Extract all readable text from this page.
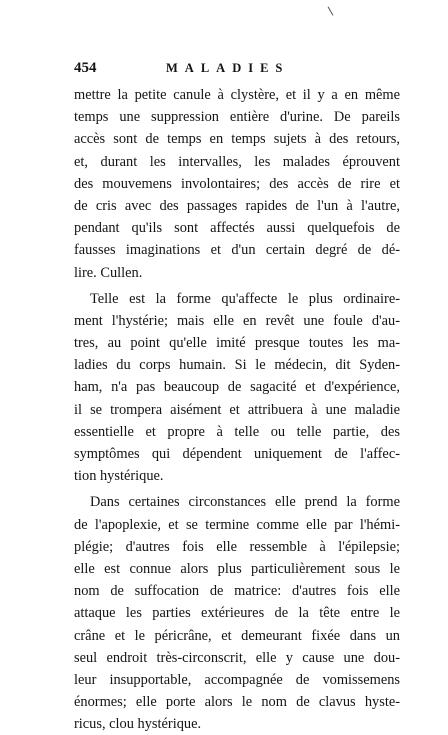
454	MALADIES
mettre la petite canule à clystère, et il y a en même
temps une suppression entière d'urine. De pareils
accès sont de temps en temps sujets à des retours,
et, durant les intervalles, les malades éprouvent
des mouvemens involontaires; des accès de rire et
de cris avec des passages rapides de l'un à l'autre,
pendant qu'ils sont affectés aussi quelquefois de
fausses imaginations et d'un certain degré de dé-
lire. Cullen.
Telle est la forme qu'affecte le plus ordinaire-
ment l'hystérie; mais elle en revêt une foule d'au-
tres, au point qu'elle imité presque toutes les ma-
ladies du corps humain. Si le médecin, dit Syden-
ham, n'a pas beaucoup de sagacité et d'expérience,
il se trompera aisément et attribuera à une maladie
essentielle et propre à telle ou telle partie, des
symptômes qui dépendent uniquement de l'affec-
tion hystérique.
Dans certaines circonstances elle prend la forme
de l'apoplexie, et se termine comme elle par l'hémi-
plégie; d'autres fois elle ressemble à l'épilepsie;
elle est connue alors plus particulièrement sous le
nom de suffocation de matrice: d'autres fois elle
attaque les parties extérieures de la tête entre le
crâne et le péricrâne, et demeurant fixée dans un
seul endroit très-circonscrit, elle y cause une dou-
leur insupportable, accompagnée de vomissemens
énormes; elle porte alors le nom de clavus hyste-
ricus, clou hystérique.
